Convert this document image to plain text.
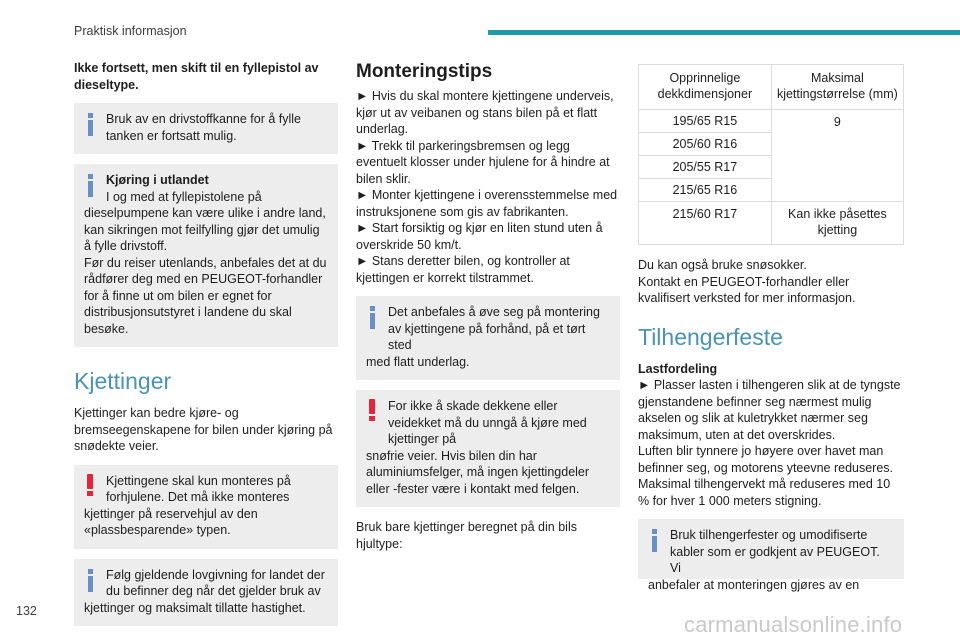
Praktisk informasjon

Ikke fortsett, men skift til en fyllepistol av dieseltype.

Bruk av en drivstoffkanne for å fylle tanken er fortsatt mulig.

Kjøring i utlandet

I og med at fyllepistolene på

dieselpumpene kan være ulike i andre land, kan sikringen mot feilfylling gjør det umulig å fylle drivstoff.

Før du reiser utenlands, anbefales det at du rådfører deg med en PEUGEOT-forhandler for å finne ut om bilen er egnet for distribusjonsutstyret i landene du skal besøke.

Kjettinger

Kjettinger kan bedre kjøre- og bremseegenskapene for bilen under kjøring på snødekte veier.

Kjettingene skal kun monteres på forhjulene. Det må ikke monteres

kjettinger på reservehjul av den «plassbesparende» typen.

Følg gjeldende lovgivning for landet der du befinner deg når det gjelder bruk av

kjettinger og maksimalt tillatte hastighet.

Monteringstips

► Hvis du skal montere kjettingene underveis, kjør ut av veibanen og stans bilen på et flatt underlag.

► Trekk til parkeringsbremsen og legg eventuelt klosser under hjulene for å hindre at bilen sklir.

► Monter kjettingene i overensstemmelse med instruksjonene som gis av fabrikanten.

► Start forsiktig og kjør en liten stund uten å overskride 50 km/t.

► Stans deretter bilen, og kontroller at kjettingen er korrekt tilstrammet.

Det anbefales å øve seg på montering av kjettingene på forhånd, på et tørt sted

med flatt underlag.

For ikke å skade dekkene eller veidekket må du unngå å kjøre med kjettinger på

snøfrie veier. Hvis bilen din har aluminiumsfelger, må ingen kjettingdeler eller -fester være i kontakt med felgen.

Bruk bare kjettinger beregnet på din bils hjultype:

Opprinnelige dekkdimensjoner	Maksimal kjettingstørrelse (mm)
195/65 R15	9
205/60 R16	
205/55 R17	
215/65 R16	
215/60 R17	Kan ikke påsettes kjetting

Du kan også bruke snøsokker.

Kontakt en PEUGEOT-forhandler eller kvalifisert verksted for mer informasjon.

Tilhengerfeste

Lastfordeling

► Plasser lasten i tilhengeren slik at de tyngste gjenstandene befinner seg nærmest mulig akselen og slik at kuletrykket nærmer seg maksimum, uten at det overskrides.

Luften blir tynnere jo høyere over havet man befinner seg, og motorens yteevne reduseres. Maksimal tilhengervekt må reduseres med 10 % for hver 1 000 meters stigning.

Bruk tilhengerfester og umodifiserte kabler som er godkjent av PEUGEOT. Vi

anbefaler at monteringen gjøres av en

132
carmanualsonline.info
